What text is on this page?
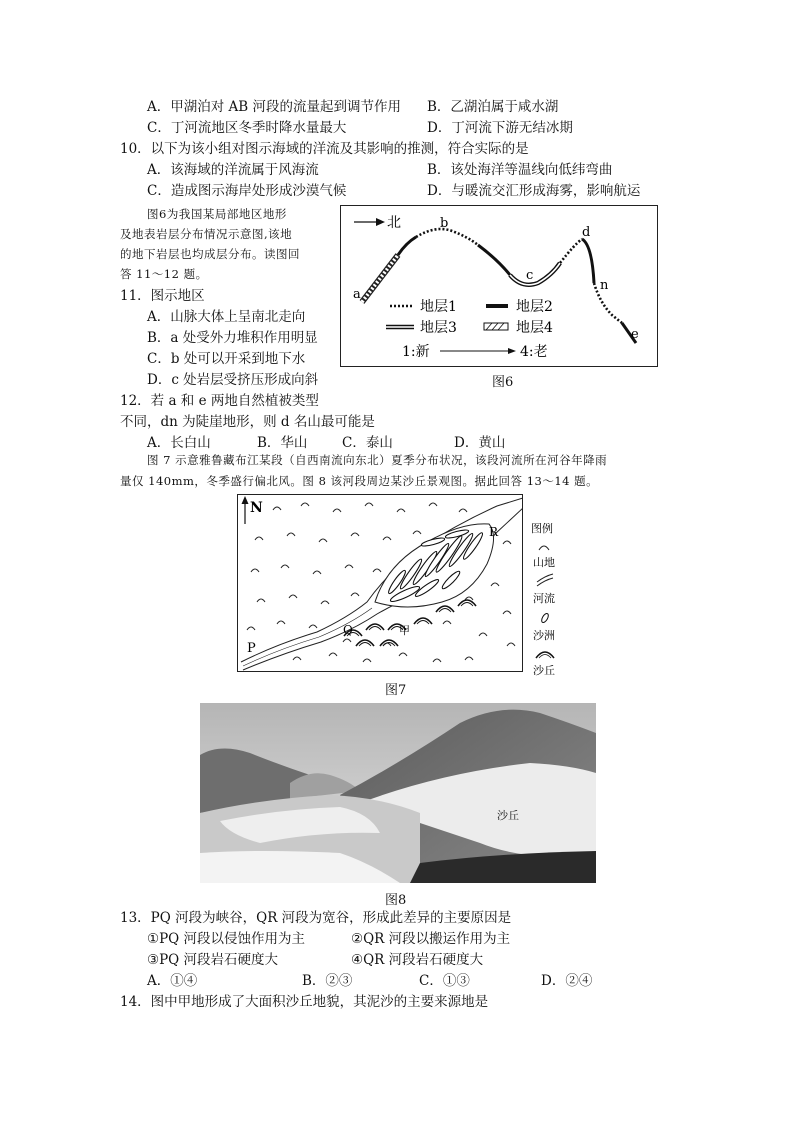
A．甲湖泊对 AB 河段的流量起到调节作用 B．乙湖泊属于咸水湖
C．丁河流地区冬季时降水量最大	D．丁河流下游无结冰期
10．以下为该小组对图示海域的洋流及其影响的推测，符合实际的是
A．该海域的洋流属于风海流	B．该处海洋等温线向低纬弯曲
C．造成图示海岸处形成沙漠气候	D．与暖流交汇形成海雾，影响航运
图6为我国某局部地区地形
及地表岩层分布情况示意图,该地
的地下岩层也均成层分布。读图回
答 11～12 题。
11．图示地区
A．山脉大体上呈南北走向
B．a 处受外力堆积作用明显
C．b 处可以开采到地下水
D．c 处岩层受挤压形成向斜
12．若 a 和 e 两地自然植被类型
不同，dn 为陡崖地形，则 d 名山最可能是
A．长白山	B．华山	C．泰山	D．黄山
北
a
b
c
d
n
e
地层1	地层2
地层3	地层4
1:新	4:老
图6
图 7 示意雅鲁藏布江某段（自西南流向东北）夏季分布状况，该段河流所在河谷年降雨
量仅 140mm，冬季盛行偏北风。图 8 该河段周边某沙丘景观图。据此回答 13～14 题。
N
P
Q
R
甲
图例
山地
河流
沙洲
沙丘
图7
沙丘
图8
13．PQ 河段为峡谷，QR 河段为宽谷，形成此差异的主要原因是
①PQ 河段以侵蚀作用为主	②QR 河段以搬运作用为主
③PQ 河段岩石硬度大	④QR 河段岩石硬度大
A．①④	B．②③	C．①③	D．②④
14．图中甲地形成了大面积沙丘地貌，其泥沙的主要来源地是
